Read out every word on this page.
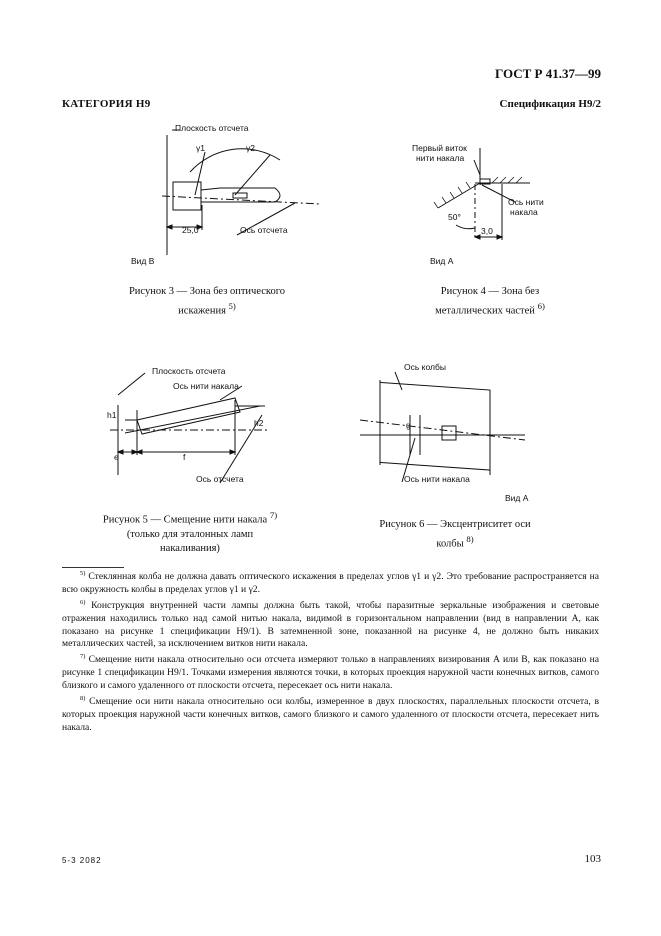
ГОСТ Р 41.37—99
КАТЕГОРИЯ Н9	Спецификация Н9/2
Плоскость отсчета
γ1	γ2
25,0	Ось отсчета
Вид В
Рисунок 3 — Зона без оптического искажения $^{5)}$
Первый виток
нити накала
Ось нити
накала
50°
3,0
Вид А
Рисунок 4 — Зона без металлических частей $^{6)}$
Плоскость отсчета
Ось нити накала
h1
h2
e	f
Ось отсчета
Рисунок 5 — Смещение нити накала $^{7)}$ (только для эталонных ламп накаливания)
Ось колбы
g
Ось нити накала
Вид А
Рисунок 6 — Эксцентриситет оси колбы $^{8)}$

$^{5)}$ Стеклянная колба не должна давать оптического искажения в пределах углов γ1 и γ2. Это требование распространяется на всю окружность колбы в пределах углов γ1 и γ2.

$^{6)}$ Конструкция внутренней части лампы должна быть такой, чтобы паразитные зеркальные изображения и световые отражения находились только над самой нитью накала, видимой в горизонтальном направлении (вид в направлении А, как показано на рисунке 1 спецификации Н9/1). В затемненной зоне, показанной на рисунке 4, не должно быть никаких металлических частей, за исключением витков нити накала.

$^{7)}$ Смещение нити накала относительно оси отсчета измеряют только в направлениях визирования А или В, как показано на рисунке 1 спецификации Н9/1. Точками измерения являются точки, в которых проекция наружной части конечных витков, самого близкого и самого удаленного от плоскости отсчета, пересекает ось нити накала.

$^{8)}$ Смещение оси нити накала относительно оси колбы, измеренное в двух плоскостях, параллельных плоскости отсчета, в которых проекция наружной части конечных витков, самого близкого и самого удаленного от плоскости отсчета, пересекает нить накала.

5-3 2082	103
